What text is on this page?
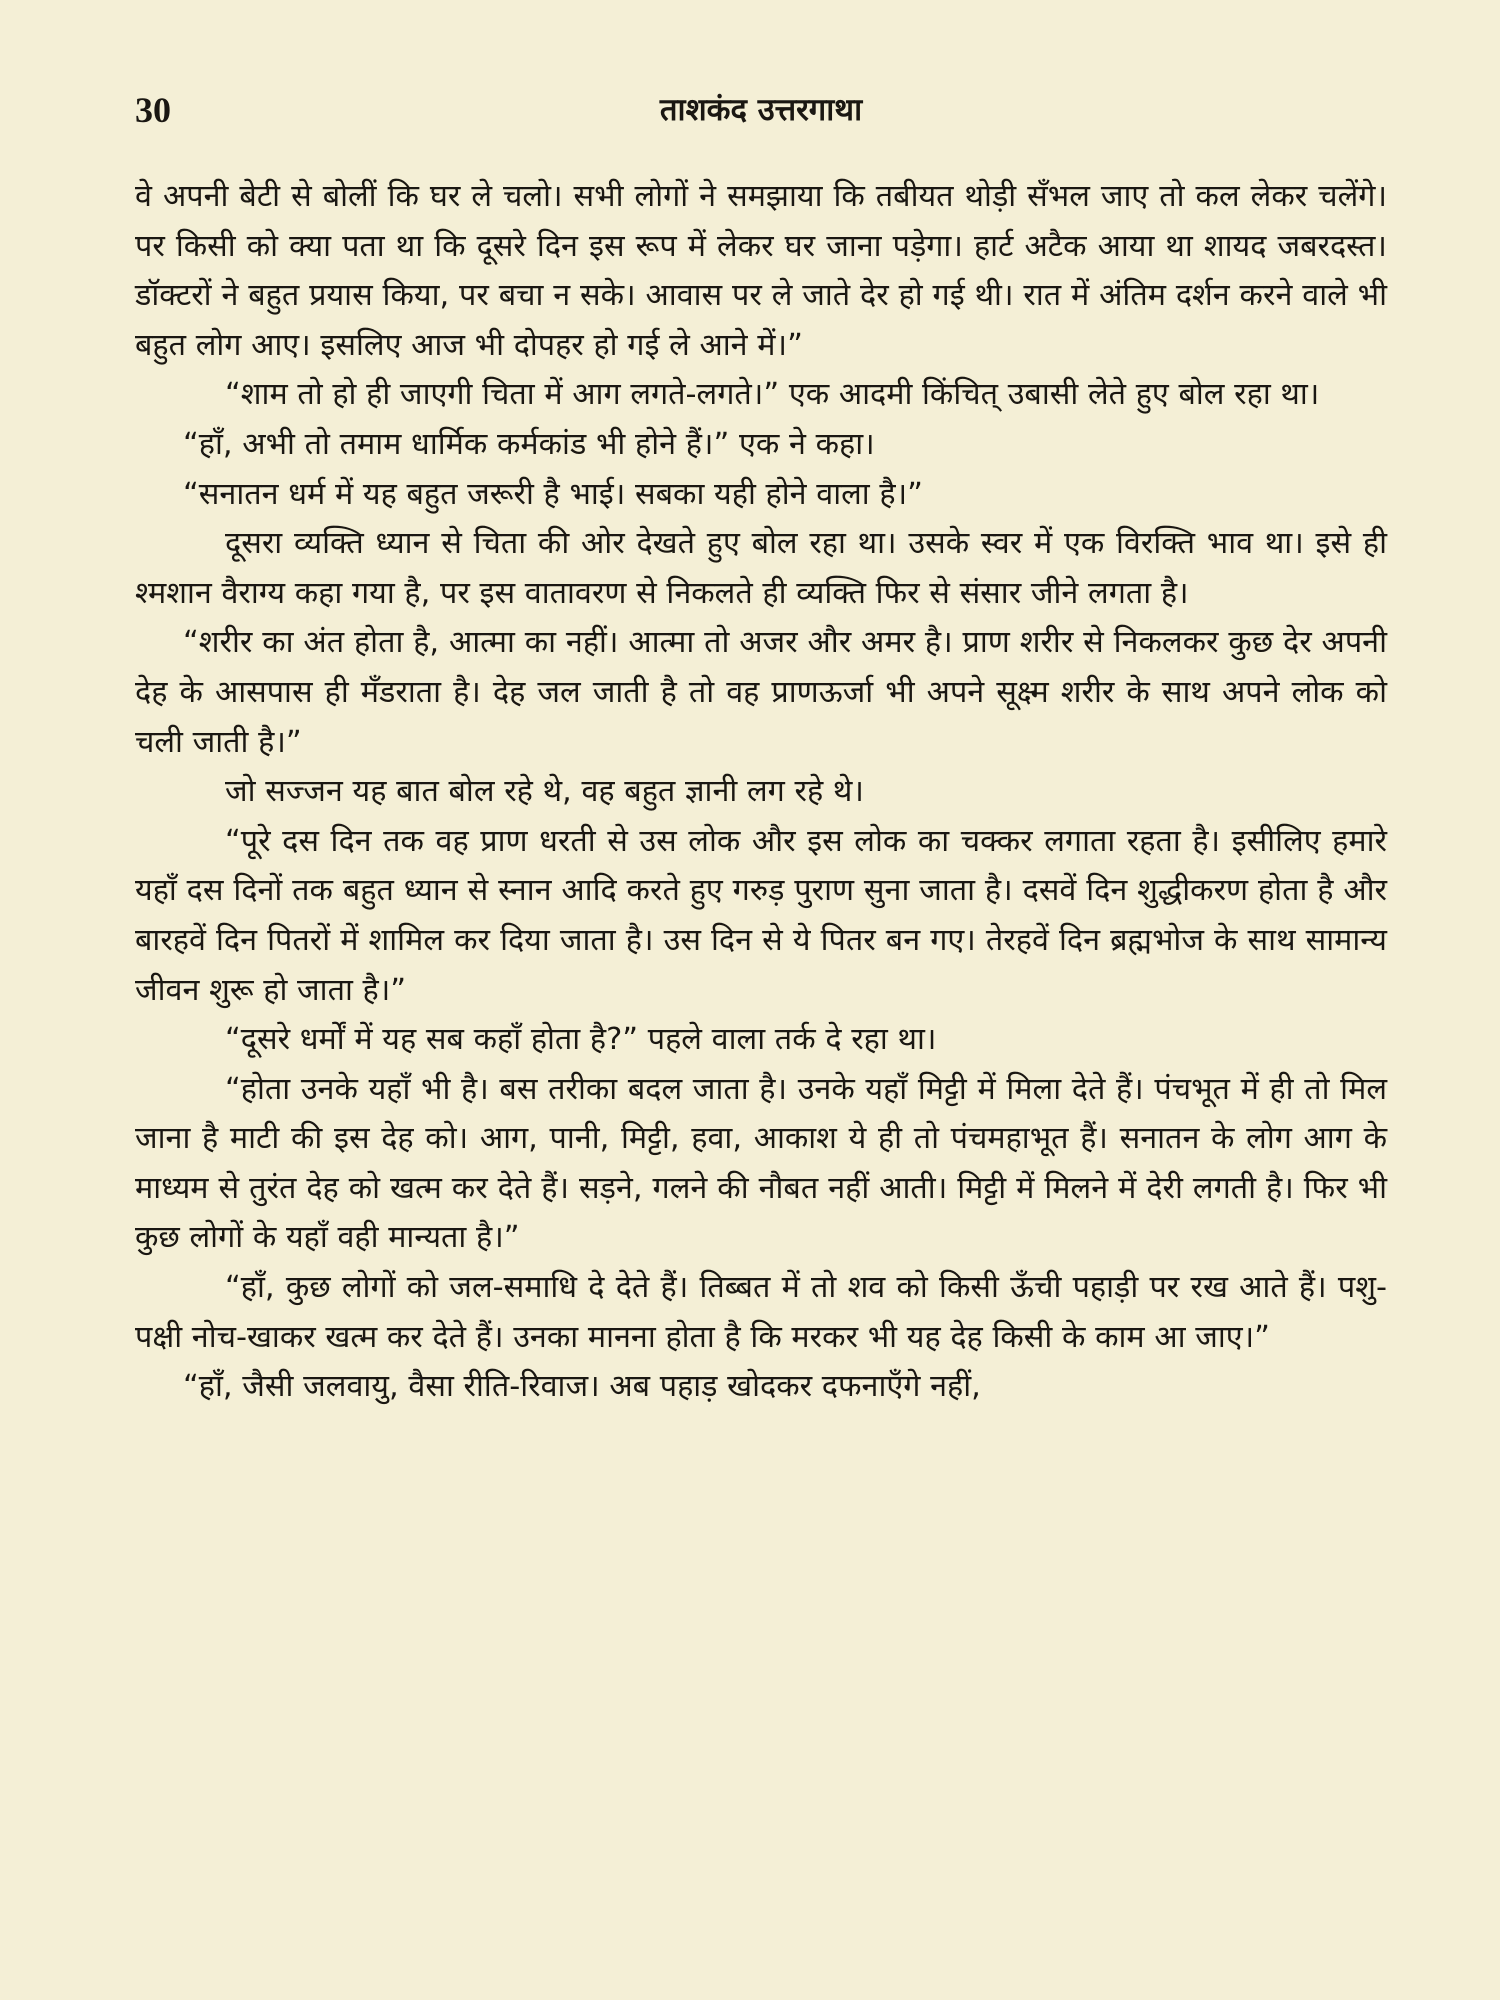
30	ताशकंद उत्तरगाथा

वे अपनी बेटी से बोलीं कि घर ले चलो। सभी लोगों ने समझाया कि तबीयत थोड़ी सँभल जाए तो कल लेकर चलेंगे। पर किसी को क्या पता था कि दूसरे दिन इस रूप में लेकर घर जाना पड़ेगा। हार्ट अटैक आया था शायद जबरदस्त। डॉक्टरों ने बहुत प्रयास किया, पर बचा न सके। आवास पर ले जाते देर हो गई थी। रात में अंतिम दर्शन करने वाले भी बहुत लोग आए। इसलिए आज भी दोपहर हो गई ले आने में।”

“शाम तो हो ही जाएगी चिता में आग लगते-लगते।” एक आदमी किंचित् उबासी लेते हुए बोल रहा था।

“हाँ, अभी तो तमाम धार्मिक कर्मकांड भी होने हैं।” एक ने कहा।

“सनातन धर्म में यह बहुत जरूरी है भाई। सबका यही होने वाला है।”

दूसरा व्यक्ति ध्यान से चिता की ओर देखते हुए बोल रहा था। उसके स्वर में एक विरक्ति भाव था। इसे ही श्मशान वैराग्य कहा गया है, पर इस वातावरण से निकलते ही व्यक्ति फिर से संसार जीने लगता है।

“शरीर का अंत होता है, आत्मा का नहीं। आत्मा तो अजर और अमर है। प्राण शरीर से निकलकर कुछ देर अपनी देह के आसपास ही मँडराता है। देह जल जाती है तो वह प्राणऊर्जा भी अपने सूक्ष्म शरीर के साथ अपने लोक को चली जाती है।”

जो सज्जन यह बात बोल रहे थे, वह बहुत ज्ञानी लग रहे थे।

“पूरे दस दिन तक वह प्राण धरती से उस लोक और इस लोक का चक्कर लगाता रहता है। इसीलिए हमारे यहाँ दस दिनों तक बहुत ध्यान से स्नान आदि करते हुए गरुड़ पुराण सुना जाता है। दसवें दिन शुद्धीकरण होता है और बारहवें दिन पितरों में शामिल कर दिया जाता है। उस दिन से ये पितर बन गए। तेरहवें दिन ब्रह्मभोज के साथ सामान्य जीवन शुरू हो जाता है।”

“दूसरे धर्मों में यह सब कहाँ होता है?” पहले वाला तर्क दे रहा था।

“होता उनके यहाँ भी है। बस तरीका बदल जाता है। उनके यहाँ मिट्टी में मिला देते हैं। पंचभूत में ही तो मिल जाना है माटी की इस देह को। आग, पानी, मिट्टी, हवा, आकाश ये ही तो पंचमहाभूत हैं। सनातन के लोग आग के माध्यम से तुरंत देह को खत्म कर देते हैं। सड़ने, गलने की नौबत नहीं आती। मिट्टी में मिलने में देरी लगती है। फिर भी कुछ लोगों के यहाँ वही मान्यता है।”

“हाँ, कुछ लोगों को जल-समाधि दे देते हैं। तिब्बत में तो शव को किसी ऊँची पहाड़ी पर रख आते हैं। पशु-पक्षी नोच-खाकर खत्म कर देते हैं। उनका मानना होता है कि मरकर भी यह देह किसी के काम आ जाए।”

“हाँ, जैसी जलवायु, वैसा रीति-रिवाज। अब पहाड़ खोदकर दफनाएँगे नहीं,
